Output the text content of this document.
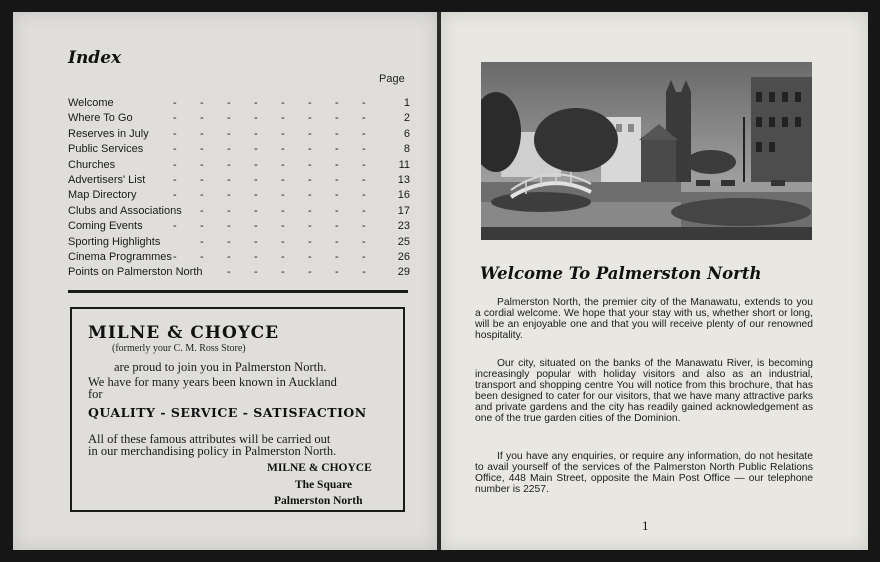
Index
Page
Welcome	- - - - - - - -	1
Where To Go	- - - - - - - -	2
Reserves in July - - - - - - - -	6
Public Services	- - - - - - - -	8
Churches	- - - - - - - -	11
Advertisers' List	- - - - - - - -	13
Map Directory	- - - - - - - -	16
Clubs and Associations - - - - - - -	17
Coming Events	- - - - - - - -	23
Sporting Highlights	- - - - - - -	25
Cinema Programmes - - - - - - - -	26
Points on Palmerston North - - - - - -	29
MILNE & CHOYCE
(formerly your C. M. Ross Store)
are proud to join you in Palmerston North.
We have for many years been known in Auckland
for
QUALITY - SERVICE - SATISFACTION
All of these famous attributes will be carried out
in our merchandising policy in Palmerston North.
MILNE & CHOYCE
The Square
Palmerston North
Welcome To Palmerston North

Palmerston North, the premier city of the Manawatu, extends to you a cordial welcome. We hope that your stay with us, whether short or long, will be an enjoyable one and that you will receive plenty of our renowned hospitality.

Our city, situated on the banks of the Manawatu River, is becoming increasingly popular with holiday visitors and also as an industrial, transport and shopping centre You will notice from this brochure, that has been designed to cater for our visitors, that we have many attractive parks and private gardens and the city has readily gained acknowledgement as one of the true garden cities of the Dominion.

If you have any enquiries, or require any information, do not hesitate to avail yourself of the services of the Palmerston North Public Relations Office, 448 Main Street, opposite the Main Post Office — our telephone number is 2257.

1
